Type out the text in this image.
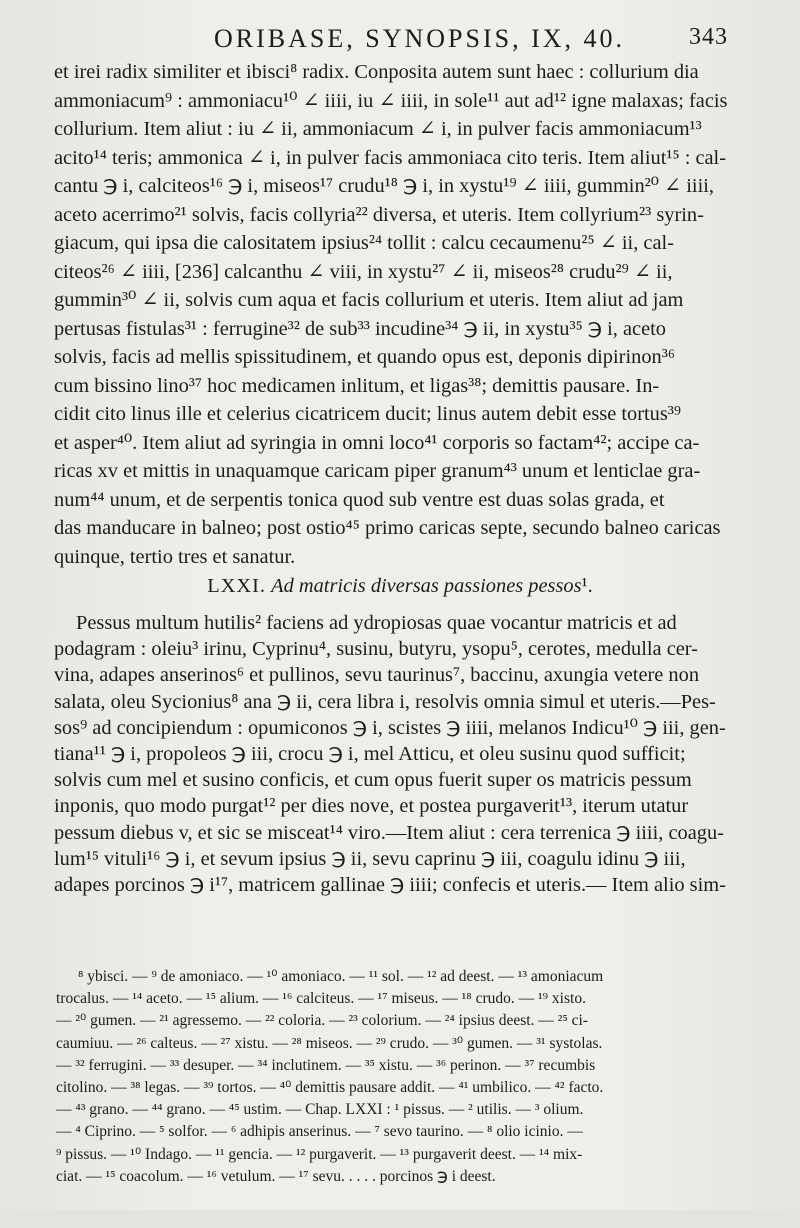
ORIBASE, SYNOPSIS, IX, 40.	343
et irei radix similiter et ibisci⁸ radix. Conposita autem sunt haec : collurium dia
ammoniacum⁹ : ammoniacu¹⁰ ∠ iiii, iu ∠ iiii, in sole¹¹ aut ad¹² igne malaxas; facis
collurium. Item aliut : iu ∠ ii, ammoniacum ∠ i, in pulver facis ammoniacum¹³
acito¹⁴ teris; ammonica ∠ i, in pulver facis ammoniaca cito teris. Item aliut¹⁵ : cal-
cantu ℈ i, calciteos¹⁶ ℈ i, miseos¹⁷ crudu¹⁸ ℈ i, in xystu¹⁹ ∠ iiii, gummin²⁰ ∠ iiii,
aceto acerrimo²¹ solvis, facis collyria²² diversa, et uteris. Item collyrium²³ syrin-
giacum, qui ipsa die calositatem ipsius²⁴ tollit : calcu cecaumenu²⁵ ∠ ii, cal-
citeos²⁶ ∠ iiii, [236] calcanthu ∠ viii, in xystu²⁷ ∠ ii, miseos²⁸ crudu²⁹ ∠ ii,
gummin³⁰ ∠ ii, solvis cum aqua et facis collurium et uteris. Item aliut ad jam
pertusas fistulas³¹ : ferrugine³² de sub³³ incudine³⁴ ℈ ii, in xystu³⁵ ℈ i, aceto
solvis, facis ad mellis spissitudinem, et quando opus est, deponis dipirinon³⁶
cum bissino lino³⁷ hoc medicamen inlitum, et ligas³⁸; demittis pausare. In-
cidit cito linus ille et celerius cicatricem ducit; linus autem debit esse tortus³⁹
et asper⁴⁰. Item aliut ad syringia in omni loco⁴¹ corporis so factam⁴²; accipe ca-
ricas xv et mittis in unaquamque caricam piper granum⁴³ unum et lenticlae gra-
num⁴⁴ unum, et de serpentis tonica quod sub ventre est duas solas grada, et
das manducare in balneo; post ostio⁴⁵ primo caricas septe, secundo balneo caricas
quinque, tertio tres et sanatur.
LXXI. Ad matricis diversas passiones pessos¹.
Pessus multum hutilis² faciens ad ydropiosas quae vocantur matricis et ad
podagram : oleiu³ irinu, Cyprinu⁴, susinu, butyru, ysopu⁵, cerotes, medulla cer-
vina, adapes anserinos⁶ et pullinos, sevu taurinus⁷, baccinu, axungia vetere non
salata, oleu Sycionius⁸ ana ℈ ii, cera libra i, resolvis omnia simul et uteris.—Pes-
sos⁹ ad concipiendum : opumiconos ℈ i, scistes ℈ iiii, melanos Indicu¹⁰ ℈ iii, gen-
tiana¹¹ ℈ i, propoleos ℈ iii, crocu ℈ i, mel Atticu, et oleu susinu quod sufficit;
solvis cum mel et susino conficis, et cum opus fuerit super os matricis pessum
inponis, quo modo purgat¹² per dies nove, et postea purgaverit¹³, iterum utatur
pessum diebus v, et sic se misceat¹⁴ viro.—Item aliut : cera terrenica ℈ iiii, coagu-
lum¹⁵ vituli¹⁶ ℈ i, et sevum ipsius ℈ ii, sevu caprinu ℈ iii, coagulu idinu ℈ iii,
adapes porcinos ℈ i¹⁷, matricem gallinae ℈ iiii; confecis et uteris.— Item alio sim-
⁸ ybisci. — ⁹ de amoniaco. — ¹⁰ amoniaco. — ¹¹ sol. — ¹² ad deest. — ¹³ amoniacum
trocalus. — ¹⁴ aceto. — ¹⁵ alium. — ¹⁶ calciteus. — ¹⁷ miseus. — ¹⁸ crudo. — ¹⁹ xisto.
— ²⁰ gumen. — ²¹ agressemo. — ²² coloria. — ²³ colorium. — ²⁴ ipsius deest. — ²⁵ ci-
caumiuu. — ²⁶ calteus. — ²⁷ xistu. — ²⁸ miseos. — ²⁹ crudo. — ³⁰ gumen. — ³¹ systolas.
— ³² ferrugini. — ³³ desuper. — ³⁴ inclutinem. — ³⁵ xistu. — ³⁶ perinon. — ³⁷ recumbis
citolino. — ³⁸ legas. — ³⁹ tortos. — ⁴⁰ demittis pausare addit. — ⁴¹ umbilico. — ⁴² facto.
— ⁴³ grano. — ⁴⁴ grano. — ⁴⁵ ustim. — Chap. LXXI : ¹ pissus. — ² utilis. — ³ olium.
— ⁴ Ciprino. — ⁵ solfor. — ⁶ adhipis anserinus. — ⁷ sevo taurino. — ⁸ olio icinio. —
⁹ pissus. — ¹⁰ Indago. — ¹¹ gencia. — ¹² purgaverit. — ¹³ purgaverit deest. — ¹⁴ mix-
ciat. — ¹⁵ coacolum. — ¹⁶ vetulum. — ¹⁷ sevu. . . . . porcinos ℈ i deest.
